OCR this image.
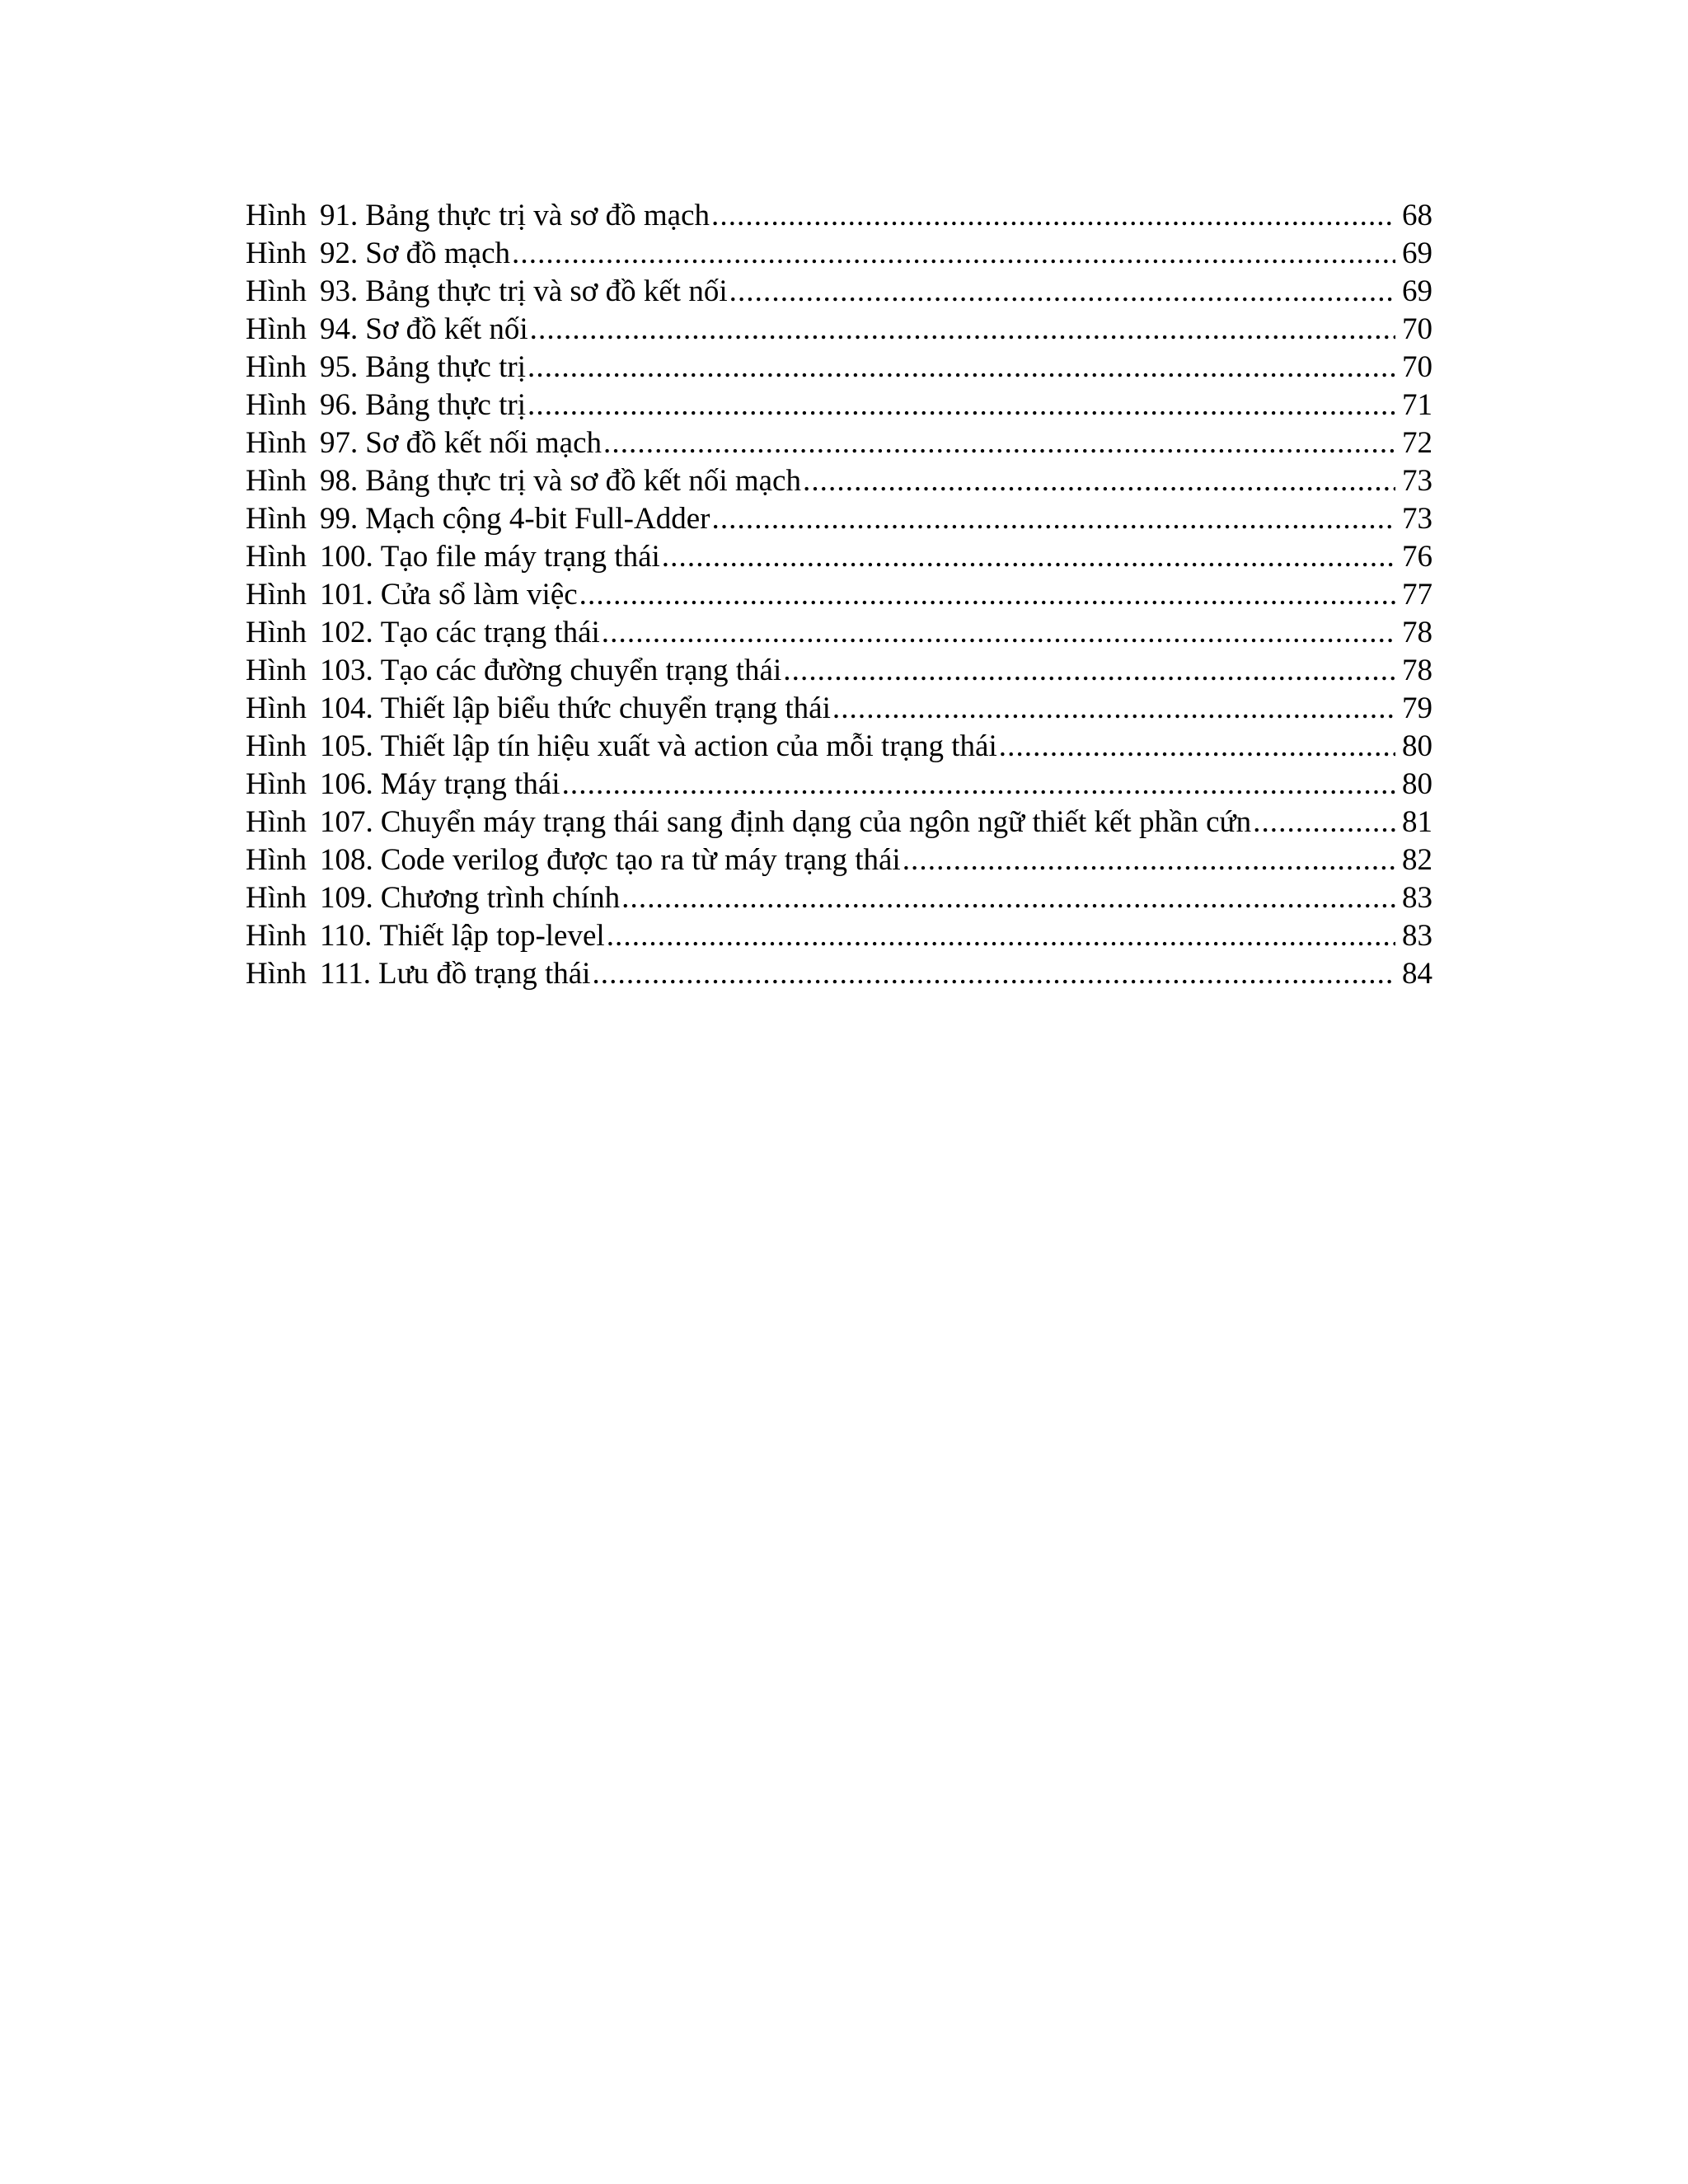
Hình 91. Bảng thực trị và sơ đồ mạch .....	68
Hình 92. Sơ đồ mạch .....	69
Hình 93. Bảng thực trị và sơ đồ kết nối .....	69
Hình 94. Sơ đồ kết nối .....	70
Hình 95. Bảng thực trị .....	70
Hình 96. Bảng thực trị .....	71
Hình 97. Sơ đồ kết nối mạch .....	72
Hình 98. Bảng thực trị và sơ đồ kết nối mạch .....	73
Hình 99. Mạch cộng 4-bit Full-Adder .....	73
Hình 100. Tạo file máy trạng thái .....	76
Hình 101. Cửa sổ làm việc .....	77
Hình 102. Tạo các trạng thái .....	78
Hình 103. Tạo các đường chuyển trạng thái .....	78
Hình 104. Thiết lập biểu thức chuyển trạng thái .....	79
Hình 105. Thiết lập tín hiệu xuất và action của mỗi trạng thái .....	80
Hình 106. Máy trạng thái .....	80
Hình 107. Chuyển máy trạng thái sang định dạng của ngôn ngữ thiết kết phần cứn .....	81
Hình 108. Code verilog được tạo ra từ máy trạng thái .....	82
Hình 109. Chương trình chính .....	83
Hình 110. Thiết lập top-level .....	83
Hình 111. Lưu đồ trạng thái .....	84
